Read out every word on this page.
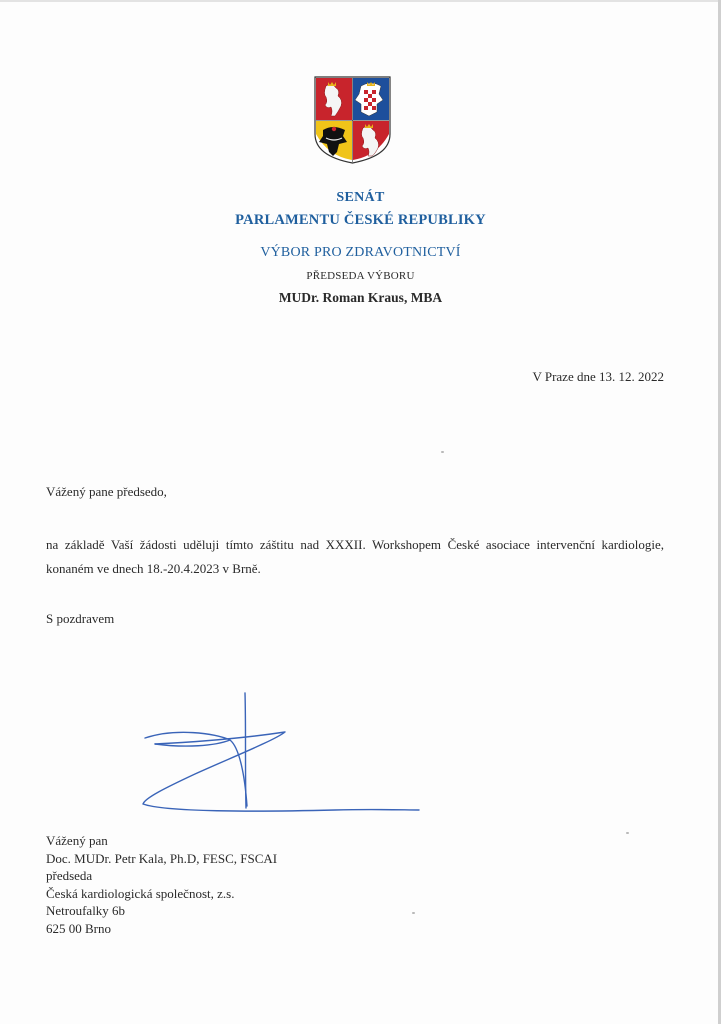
SENÁT
PARLAMENTU ČESKÉ REPUBLIKY
VÝBOR PRO ZDRAVOTNICTVÍ
PŘEDSEDA VÝBORU
MUDr. Roman Kraus, MBA
V Praze dne 13. 12. 2022
Vážený pane předsedo,
na základě Vaší žádosti uděluji tímto záštitu nad XXXII. Workshopem České asociace intervenční kardiologie, konaném ve dnech 18.-20.4.2023 v Brně.
S pozdravem
Vážený pan
Doc. MUDr. Petr Kala, Ph.D, FESC, FSCAI
předseda
Česká kardiologická společnost, z.s.
Netroufalky 6b
625 00 Brno
